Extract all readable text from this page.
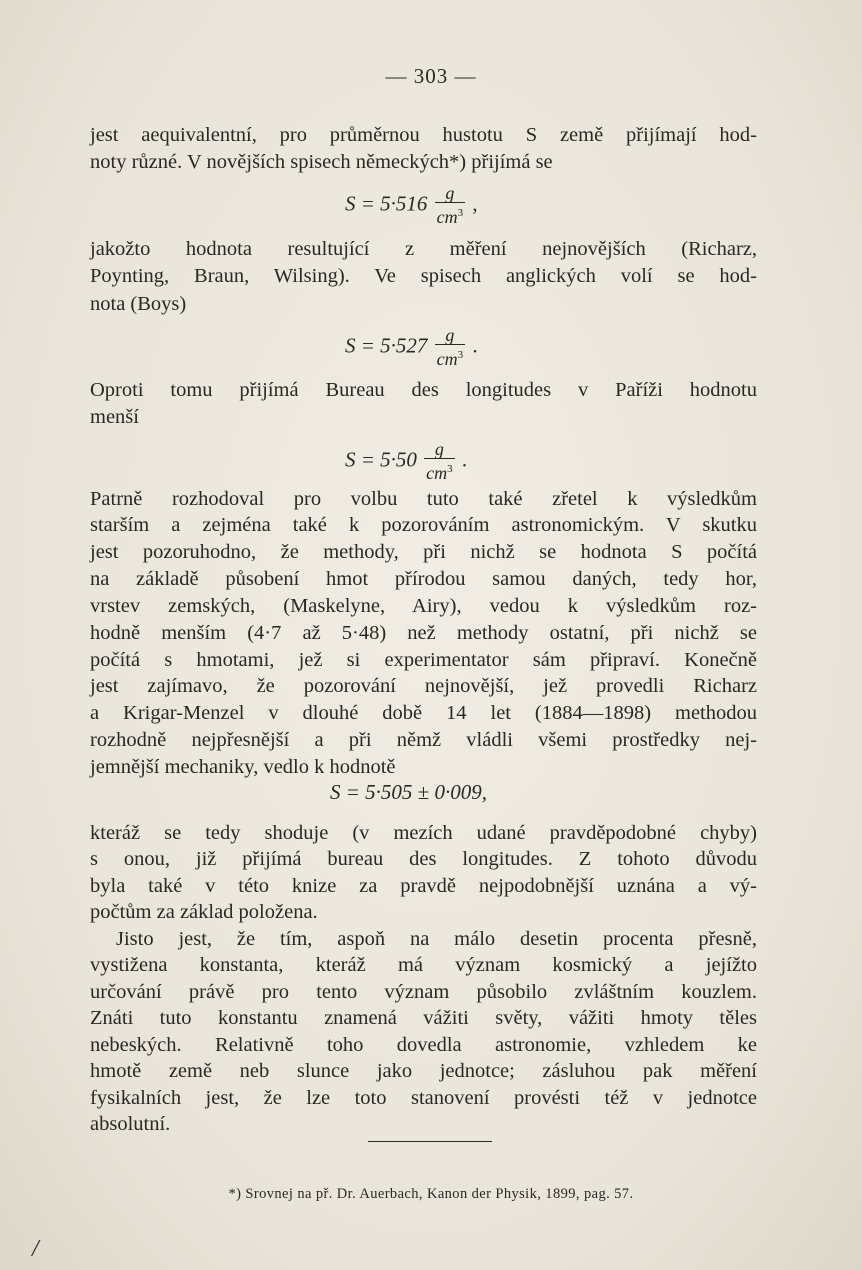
— 303 —
jest aequivalentní, pro průměrnou hustotu S země přijímají hod-
noty různé. V novějších spisech německých*) přijímá se
$S = 5\cdot 516 \frac{g}{cm^3}$ ,
jakožto hodnota resultující z měření nejnovějších (Richarz,
Poynting, Braun, Wilsing). Ve spisech anglických volí se hod-
nota (Boys)
$S = 5\cdot 527 \frac{g}{cm^3}$ .
Oproti tomu přijímá Bureau des longitudes v Paříži hodnotu
menší
$S = 5\cdot 50 \frac{g}{cm^3}$ .
Patrně rozhodoval pro volbu tuto také zřetel k výsledkům
starším a zejména také k pozorováním astronomickým. V skutku
jest pozoruhodno, že methody, při nichž se hodnota S počítá
na základě působení hmot přírodou samou daných, tedy hor,
vrstev zemských, (Maskelyne, Airy), vedou k výsledkům roz-
hodně menším (4·7 až 5·48) než methody ostatní, při nichž se
počítá s hmotami, jež si experimentator sám připraví. Konečně
jest zajímavo, že pozorování nejnovější, jež provedli Richarz
a Krigar-Menzel v dlouhé době 14 let (1884—1898) methodou
rozhodně nejpřesnější a při němž vládli všemi prostředky nej-
jemnější mechaniky, vedlo k hodnotě
S = 5·505 ± 0·009,
kteráž se tedy shoduje (v mezích udané pravděpodobné chyby)
s onou, již přijímá bureau des longitudes. Z tohoto důvodu
byla také v této knize za pravdě nejpodobnější uznána a vý-
počtům za základ položena.
Jisto jest, že tím, aspoň na málo desetin procenta přesně,
vystižena konstanta, kteráž má význam kosmický a jejížto
určování právě pro tento význam působilo zvláštním kouzlem.
Znáti tuto konstantu znamená vážiti světy, vážiti hmoty těles
nebeských. Relativně toho dovedla astronomie, vzhledem ke
hmotě země neb slunce jako jednotce; zásluhou pak měření
fysikalních jest, že lze toto stanovení provésti též v jednotce
absolutní.
*) Srovnej na př. Dr. Auerbach, Kanon der Physik, 1899, pag. 57.
/
